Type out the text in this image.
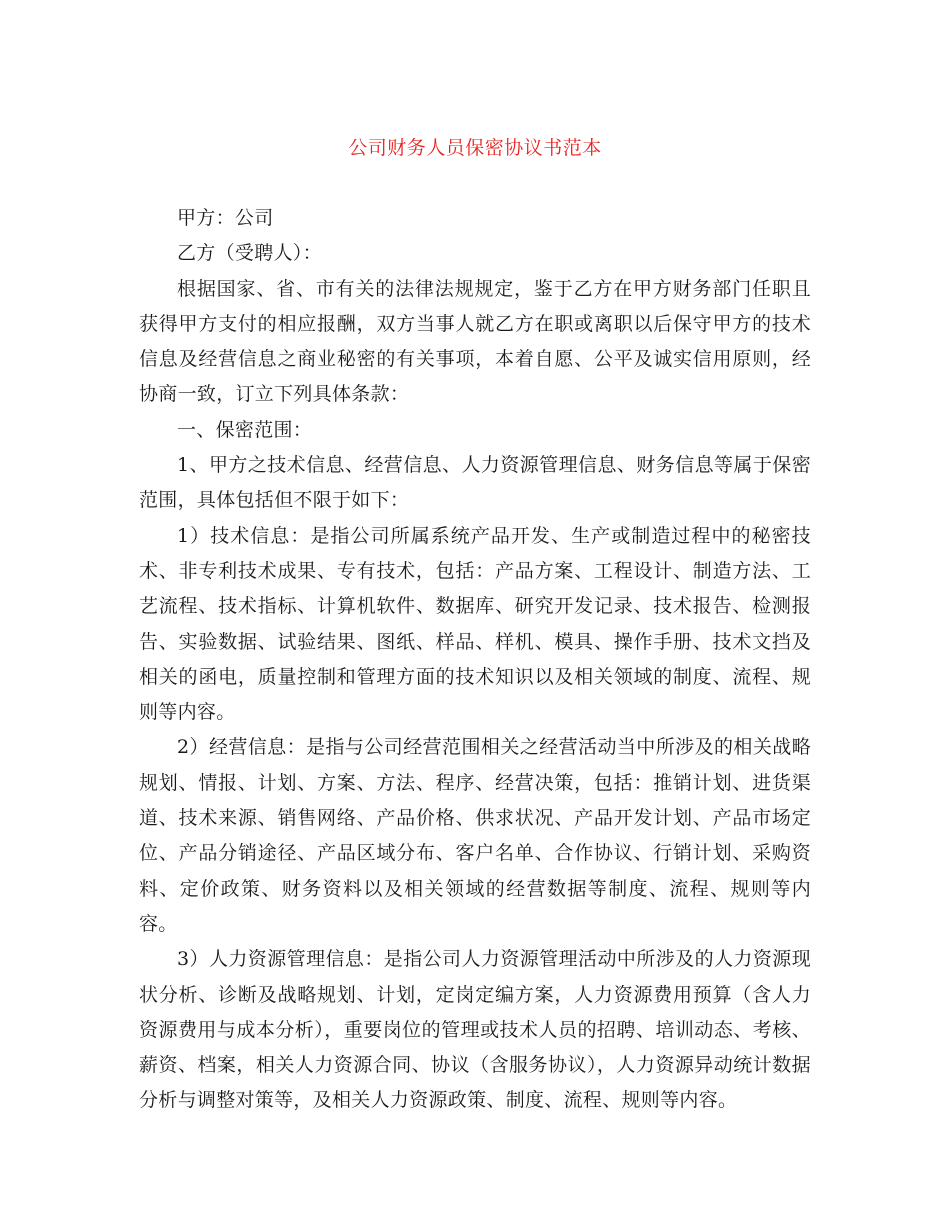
公司财务人员保密协议书范本

甲方：公司

乙方（受聘人）：

根据国家、省、市有关的法律法规规定，鉴于乙方在甲方财务部门任职且获得甲方支付的相应报酬，双方当事人就乙方在职或离职以后保守甲方的技术信息及经营信息之商业秘密的有关事项，本着自愿、公平及诚实信用原则，经协商一致，订立下列具体条款：

一、保密范围：

1、甲方之技术信息、经营信息、人力资源管理信息、财务信息等属于保密范围，具体包括但不限于如下：

1）技术信息：是指公司所属系统产品开发、生产或制造过程中的秘密技术、非专利技术成果、专有技术，包括：产品方案、工程设计、制造方法、工艺流程、技术指标、计算机软件、数据库、研究开发记录、技术报告、检测报告、实验数据、试验结果、图纸、样品、样机、模具、操作手册、技术文挡及相关的函电，质量控制和管理方面的技术知识以及相关领域的制度、流程、规则等内容。

2）经营信息：是指与公司经营范围相关之经营活动当中所涉及的相关战略规划、情报、计划、方案、方法、程序、经营决策，包括：推销计划、进货渠道、技术来源、销售网络、产品价格、供求状况、产品开发计划、产品市场定位、产品分销途径、产品区域分布、客户名单、合作协议、行销计划、采购资料、定价政策、财务资料以及相关领域的经营数据等制度、流程、规则等内容。

3）人力资源管理信息：是指公司人力资源管理活动中所涉及的人力资源现状分析、诊断及战略规划、计划，定岗定编方案，人力资源费用预算（含人力资源费用与成本分析），重要岗位的管理或技术人员的招聘、培训动态、考核、薪资、档案，相关人力资源合同、协议（含服务协议），人力资源异动统计数据分析与调整对策等，及相关人力资源政策、制度、流程、规则等内容。
